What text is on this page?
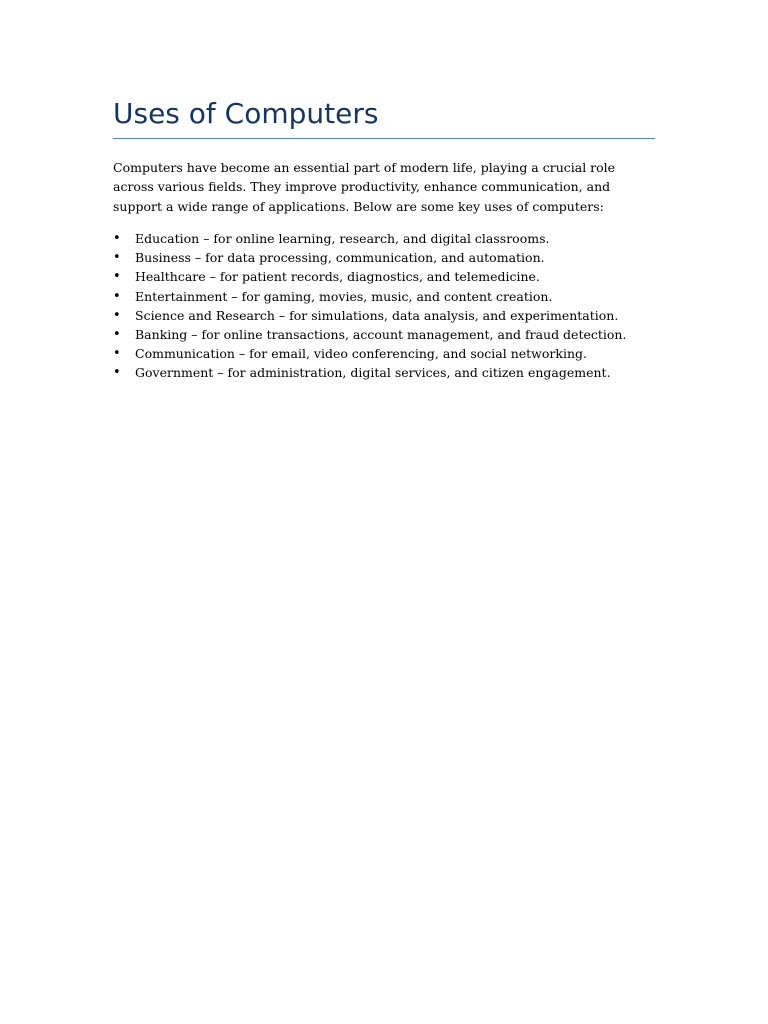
Uses of Computers

Computers have become an essential part of modern life, playing a crucial role across various fields. They improve productivity, enhance communication, and support a wide range of applications. Below are some key uses of computers:

• Education – for online learning, research, and digital classrooms.
• Business – for data processing, communication, and automation.
• Healthcare – for patient records, diagnostics, and telemedicine.
• Entertainment – for gaming, movies, music, and content creation.
• Science and Research – for simulations, data analysis, and experimentation.
• Banking – for online transactions, account management, and fraud detection.
• Communication – for email, video conferencing, and social networking.
• Government – for administration, digital services, and citizen engagement.
